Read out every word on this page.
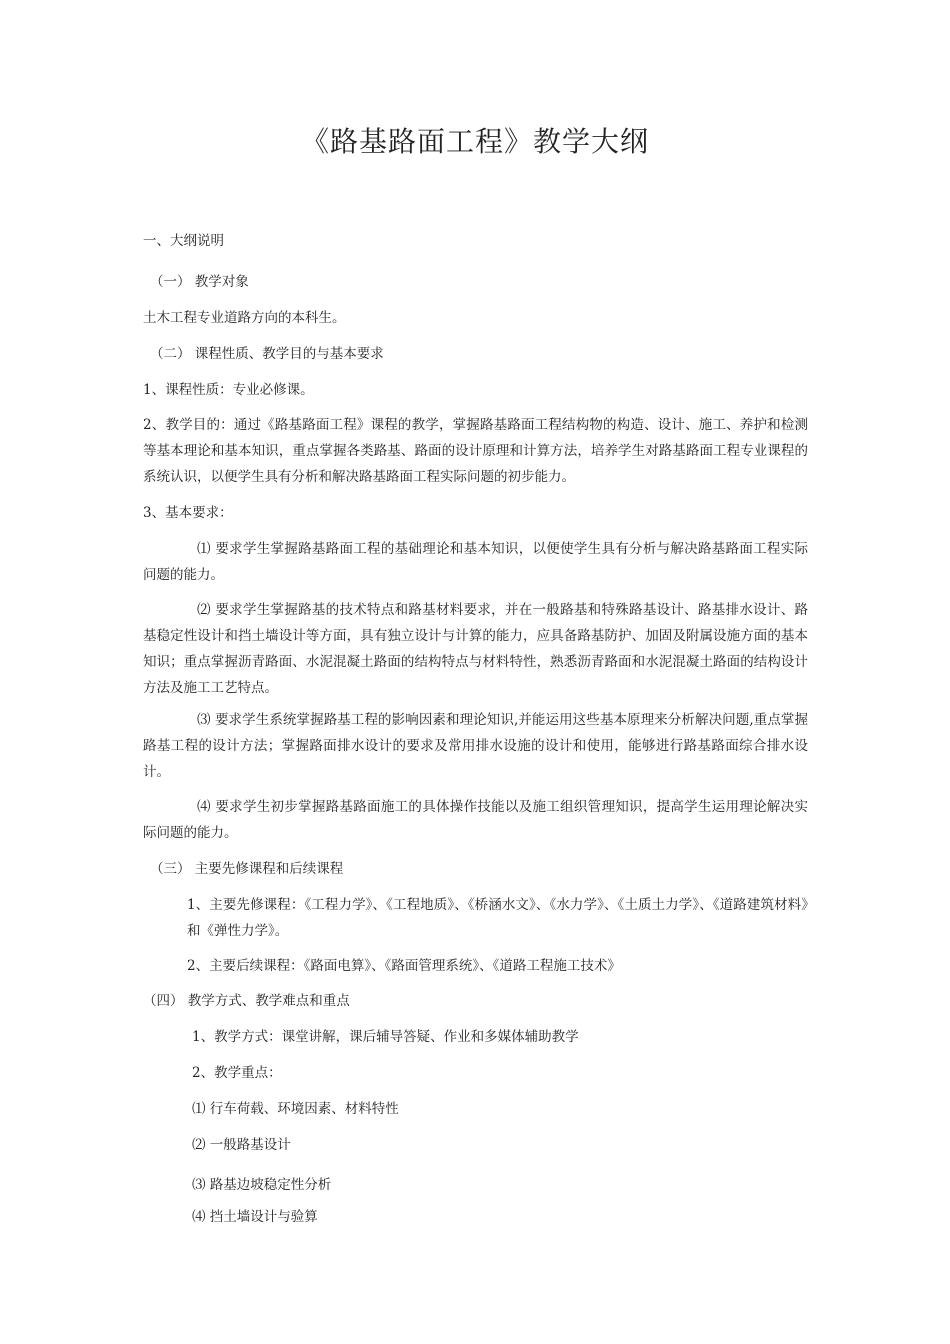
《路基路面工程》教学大纲
一、大纲说明
（一） 教学对象
土木工程专业道路方向的本科生。
（二） 课程性质、教学目的与基本要求
1、课程性质：专业必修课。
2、教学目的：通过《路基路面工程》课程的教学，掌握路基路面工程结构物的构造、设计、施工、养护和检测等基本理论和基本知识，重点掌握各类路基、路面的设计原理和计算方法，培养学生对路基路面工程专业课程的系统认识，以便学生具有分析和解决路基路面工程实际问题的初步能力。
3、基本要求：
⑴ 要求学生掌握路基路面工程的基础理论和基本知识，以便使学生具有分析与解决路基路面工程实际问题的能力。
⑵ 要求学生掌握路基的技术特点和路基材料要求，并在一般路基和特殊路基设计、路基排水设计、路基稳定性设计和挡土墙设计等方面，具有独立设计与计算的能力，应具备路基防护、加固及附属设施方面的基本知识；重点掌握沥青路面、水泥混凝土路面的结构特点与材料特性，熟悉沥青路面和水泥混凝土路面的结构设计方法及施工工艺特点。
⑶ 要求学生系统掌握路基工程的影响因素和理论知识,并能运用这些基本原理来分析解决问题,重点掌握路基工程的设计方法；掌握路面排水设计的要求及常用排水设施的设计和使用，能够进行路基路面综合排水设计。
⑷ 要求学生初步掌握路基路面施工的具体操作技能以及施工组织管理知识，提高学生运用理论解决实际问题的能力。
（三） 主要先修课程和后续课程
1、主要先修课程：《工程力学》、《工程地质》、《桥涵水文》、《水力学》、《土质土力学》、《道路建筑材料》和《弹性力学》。
2、主要后续课程：《路面电算》、《路面管理系统》、《道路工程施工技术》
（四） 教学方式、教学难点和重点
1、教学方式：课堂讲解，课后辅导答疑、作业和多媒体辅助教学
2、教学重点：
⑴ 行车荷载、环境因素、材料特性
⑵ 一般路基设计
⑶ 路基边坡稳定性分析
⑷ 挡土墙设计与验算
